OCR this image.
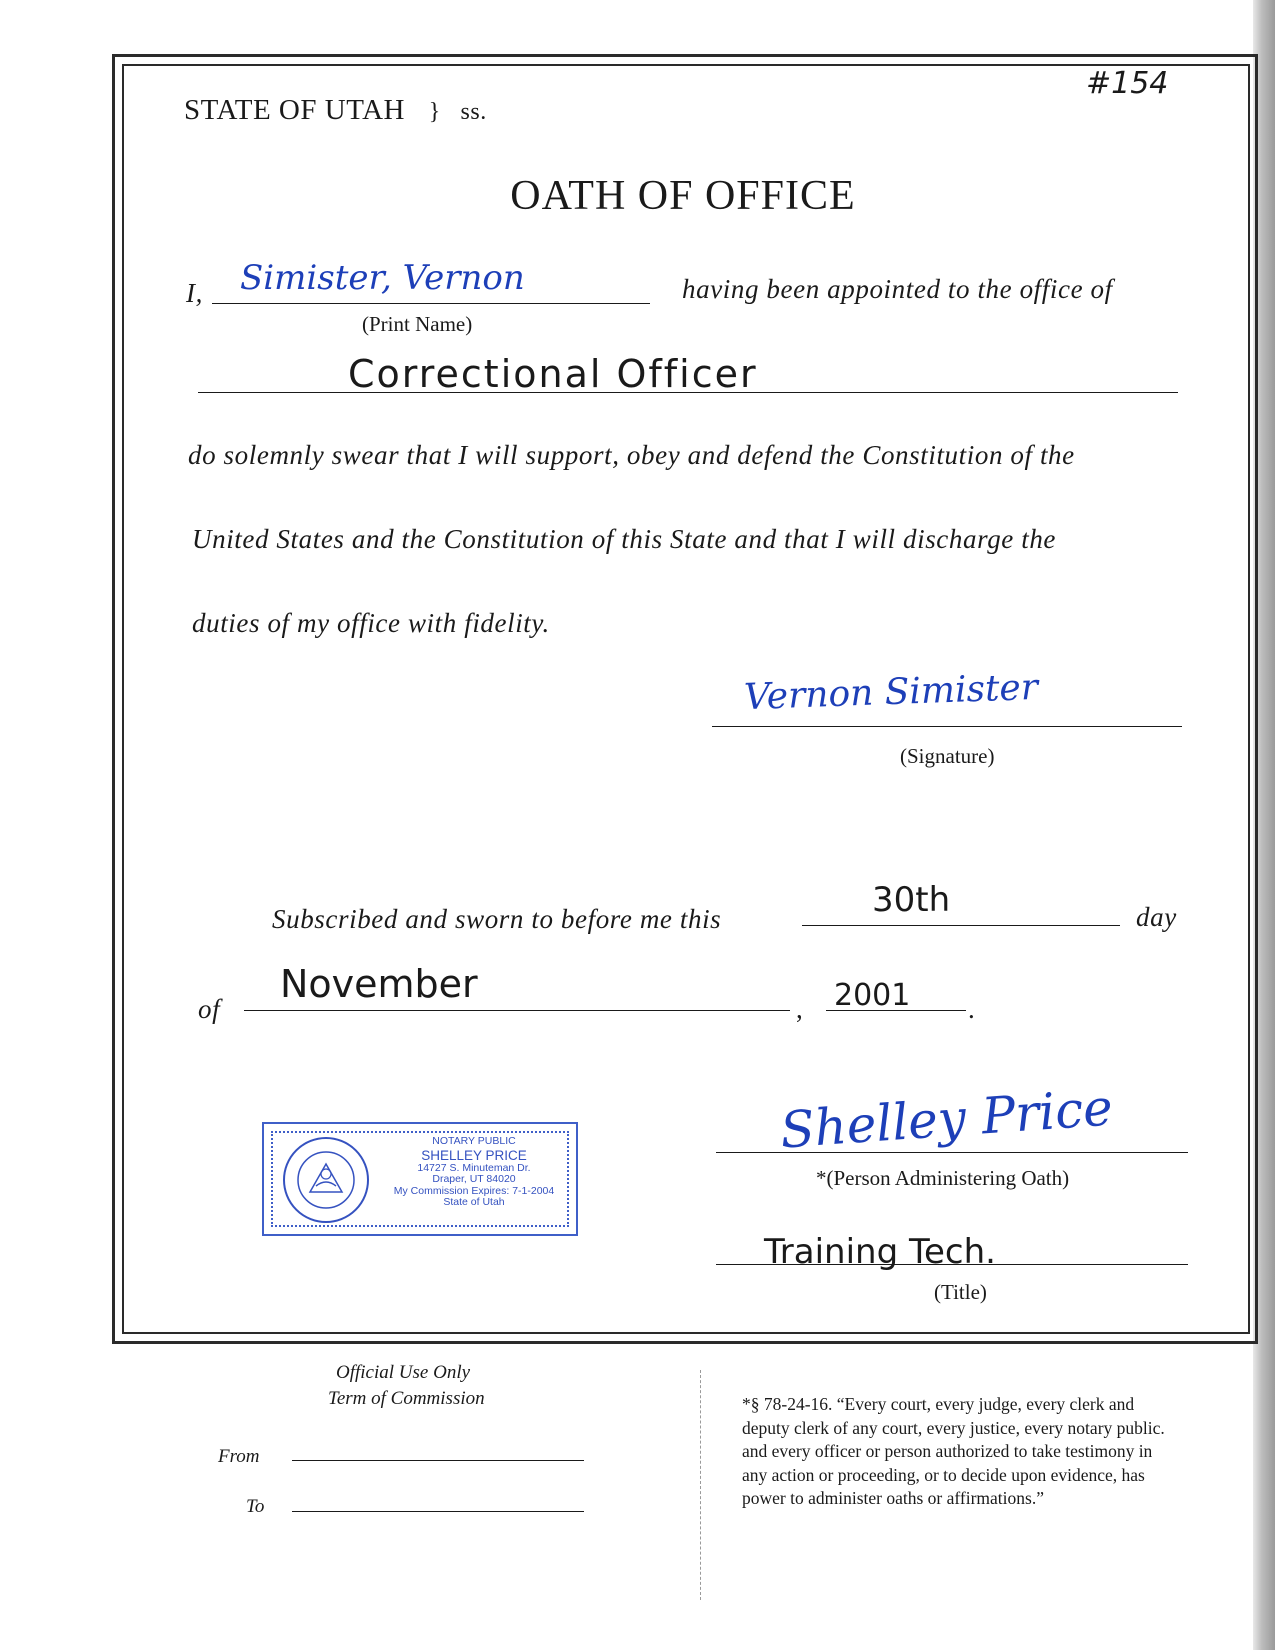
#154
STATE OF UTAH } ss.
OATH OF OFFICE
I, Simister, Vernon
(Print Name)
having been appointed to the office of
Correctional Officer
do solemnly swear that I will support, obey and defend the Constitution of the
United States and the Constitution of this State and that I will discharge the
duties of my office with fidelity.
Vernon Simister
(Signature)
Subscribed and sworn to before me this	30th	day
of
November
, 2001 .
NOTARY PUBLIC
SHELLEY PRICE
14727 S. Minuteman Dr.
Draper, UT 84020
My Commission Expires: 7-1-2004
State of Utah
Shelley Price
*(Person Administering Oath)
Training Tech.
(Title)
Official Use Only
Term of Commission
From
To
*§ 78-24-16. “Every court, every judge, every clerk and
deputy clerk of any court, every justice, every notary public.
and every officer or person authorized to take testimony in
any action or proceeding, or to decide upon evidence, has
power to administer oaths or affirmations.”
